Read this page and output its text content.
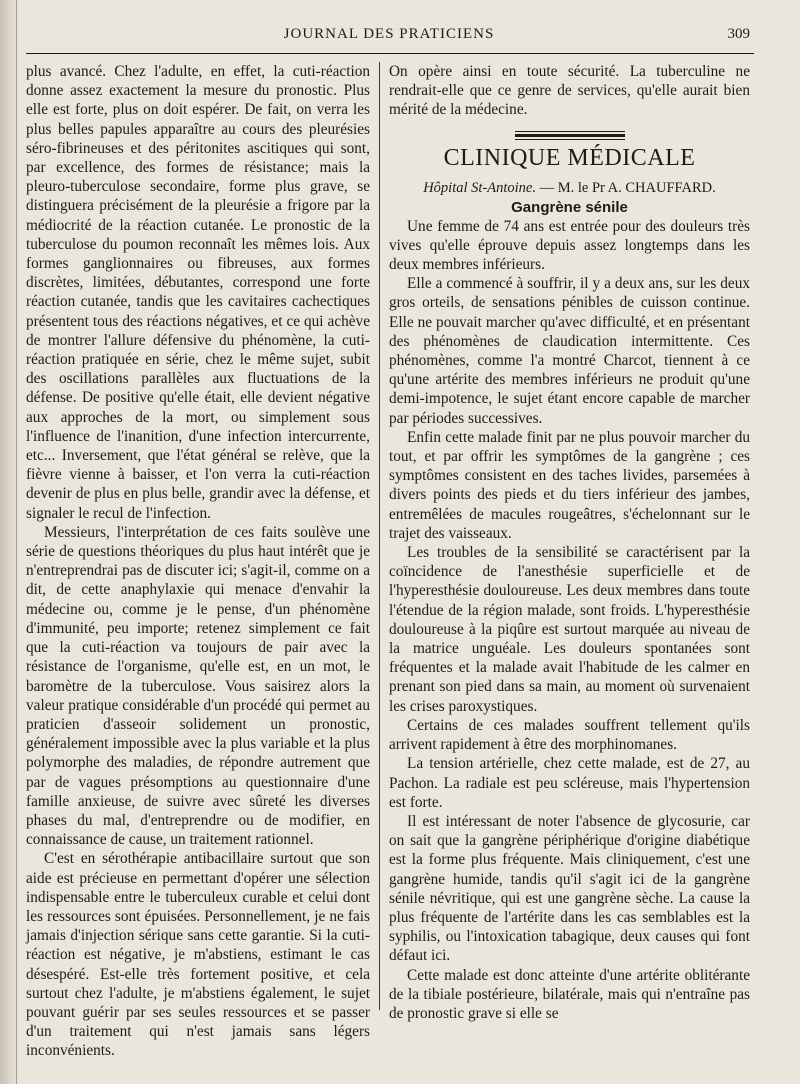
JOURNAL DES PRATICIENS	309

plus avancé. Chez l'adulte, en effet, la cuti-réaction donne assez exactement la mesure du pronostic. Plus elle est forte, plus on doit espérer. De fait, on verra les plus belles papules apparaître au cours des pleurésies séro-fibrineuses et des péritonites ascitiques qui sont, par excellence, des formes de résistance; mais la pleuro-tuberculose secondaire, forme plus grave, se distinguera précisément de la pleurésie a frigore par la médiocrité de la réaction cutanée. Le pronostic de la tuberculose du poumon reconnaît les mêmes lois. Aux formes ganglionnaires ou fibreuses, aux formes discrètes, limitées, débutantes, correspond une forte réaction cutanée, tandis que les cavitaires cachectiques présentent tous des réactions négatives, et ce qui achève de montrer l'allure défensive du phénomène, la cuti-réaction pratiquée en série, chez le même sujet, subit des oscillations parallèles aux fluctuations de la défense. De positive qu'elle était, elle devient négative aux approches de la mort, ou simplement sous l'influence de l'inanition, d'une infection intercurrente, etc... Inversement, que l'état général se relève, que la fièvre vienne à baisser, et l'on verra la cuti-réaction devenir de plus en plus belle, grandir avec la défense, et signaler le recul de l'infection.

Messieurs, l'interprétation de ces faits soulève une série de questions théoriques du plus haut intérêt que je n'entreprendrai pas de discuter ici; s'agit-il, comme on a dit, de cette anaphylaxie qui menace d'envahir la médecine ou, comme je le pense, d'un phénomène d'immunité, peu importe; retenez simplement ce fait que la cuti-réaction va toujours de pair avec la résistance de l'organisme, qu'elle est, en un mot, le baromètre de la tuberculose. Vous saisirez alors la valeur pratique considérable d'un procédé qui permet au praticien d'asseoir solidement un pronostic, généralement impossible avec la plus variable et la plus polymorphe des maladies, de répondre autrement que par de vagues présomptions au questionnaire d'une famille anxieuse, de suivre avec sûreté les diverses phases du mal, d'entreprendre ou de modifier, en connaissance de cause, un traitement rationnel.

C'est en sérothérapie antibacillaire surtout que son aide est précieuse en permettant d'opérer une sélection indispensable entre le tuberculeux curable et celui dont les ressources sont épuisées. Personnellement, je ne fais jamais d'injection sérique sans cette garantie. Si la cuti-réaction est négative, je m'abstiens, estimant le cas désespéré. Est-elle très fortement positive, et cela surtout chez l'adulte, je m'abstiens également, le sujet pouvant guérir par ses seules ressources et se passer d'un traitement qui n'est jamais sans légers inconvénients.

On opère ainsi en toute sécurité. La tuberculine ne rendrait-elle que ce genre de services, qu'elle aurait bien mérité de la médecine.

CLINIQUE MÉDICALE
Hôpital St-Antoine. — M. le Pr A. CHAUFFARD.
Gangrène sénile

Une femme de 74 ans est entrée pour des douleurs très vives qu'elle éprouve depuis assez longtemps dans les deux membres inférieurs.

Elle a commencé à souffrir, il y a deux ans, sur les deux gros orteils, de sensations pénibles de cuisson continue. Elle ne pouvait marcher qu'avec difficulté, et en présentant des phénomènes de claudication intermittente. Ces phénomènes, comme l'a montré Charcot, tiennent à ce qu'une artérite des membres inférieurs ne produit qu'une demi-impotence, le sujet étant encore capable de marcher par périodes successives.

Enfin cette malade finit par ne plus pouvoir marcher du tout, et par offrir les symptômes de la gangrène ; ces symptômes consistent en des taches livides, parsemées à divers points des pieds et du tiers inférieur des jambes, entremêlées de macules rougeâtres, s'échelonnant sur le trajet des vaisseaux.

Les troubles de la sensibilité se caractérisent par la coïncidence de l'anesthésie superficielle et de l'hyperesthésie douloureuse. Les deux membres dans toute l'étendue de la région malade, sont froids. L'hyperesthésie douloureuse à la piqûre est surtout marquée au niveau de la matrice unguéale. Les douleurs spontanées sont fréquentes et la malade avait l'habitude de les calmer en prenant son pied dans sa main, au moment où survenaient les crises paroxystiques.

Certains de ces malades souffrent tellement qu'ils arrivent rapidement à être des morphinomanes.

La tension artérielle, chez cette malade, est de 27, au Pachon. La radiale est peu scléreuse, mais l'hypertension est forte.

Il est intéressant de noter l'absence de glycosurie, car on sait que la gangrène périphérique d'origine diabétique est la forme plus fréquente. Mais cliniquement, c'est une gangrène humide, tandis qu'il s'agit ici de la gangrène sénile névritique, qui est une gangrène sèche. La cause la plus fréquente de l'artérite dans les cas semblables est la syphilis, ou l'intoxication tabagique, deux causes qui font défaut ici.

Cette malade est donc atteinte d'une artérite oblitérante de la tibiale postérieure, bilatérale, mais qui n'entraîne pas de pronostic grave si elle se
